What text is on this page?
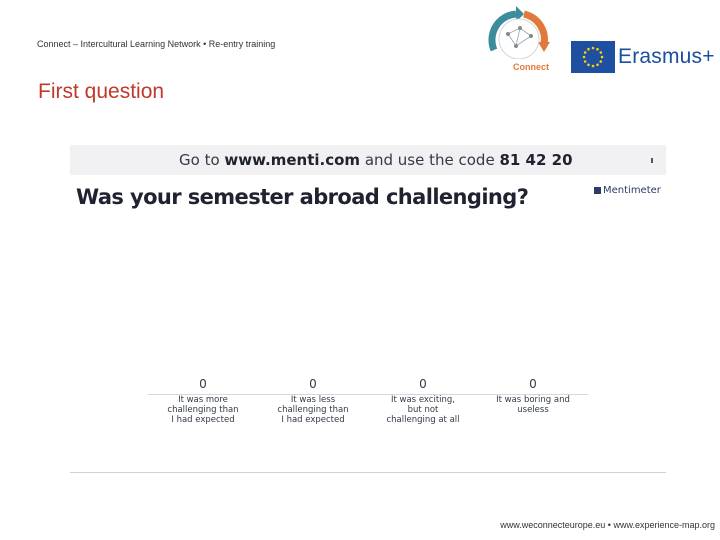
Connect – Intercultural Learning Network • Re-entry training
First question
Connect	Erasmus+
Go to www.menti.com and use the code 81 42 20
Was your semester abroad challenging?	Mentimeter
0
It was more
challenging than
I had expected
0
It was less
challenging than
I had expected
0
It was exciting,
but not
challenging at all
0
It was boring and
useless
www.weconnecteurope.eu • www.experience-map.org
